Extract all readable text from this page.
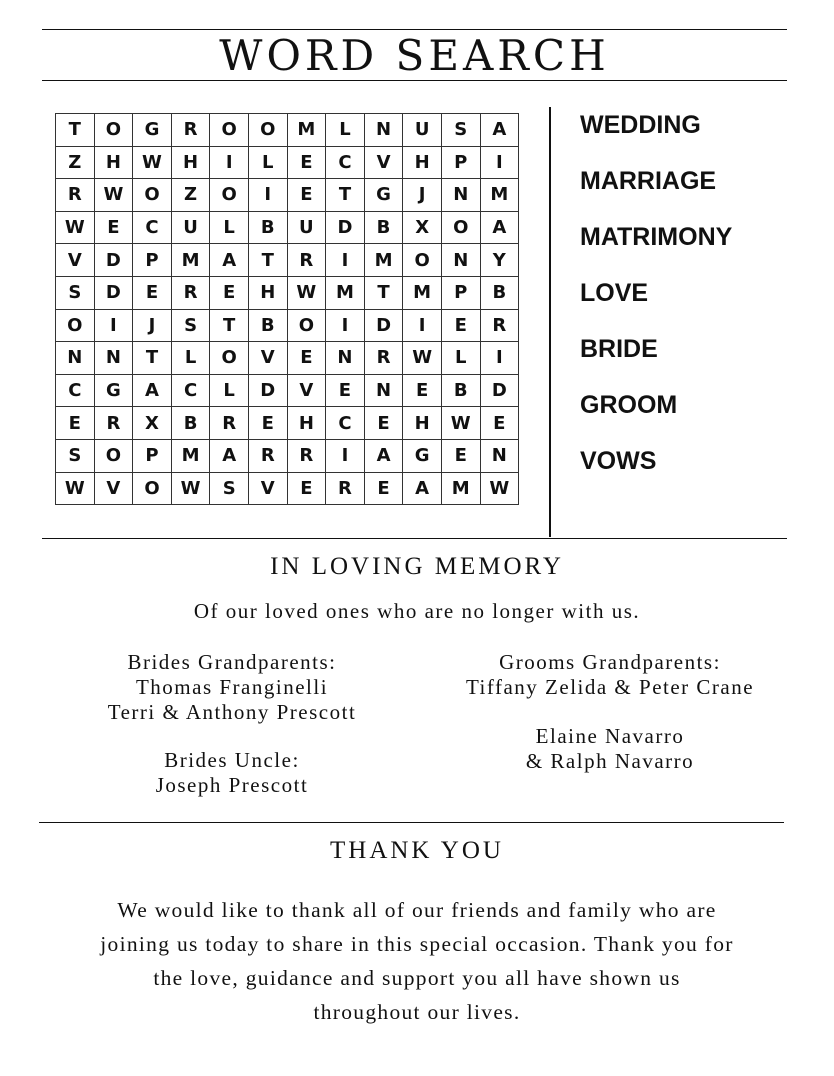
WORD SEARCH
T	O	G	R	O	O	M	L	N	U	S	A
Z	H	W	H	I	L	E	C	V	H	P	I
R	W	O	Z	O	I	E	T	G	J	N	M
W	E	C	U	L	B	U	D	B	X	O	A
V	D	P	M	A	T	R	I	M	O	N	Y
S	D	E	R	E	H	W	M	T	M	P	B
O	I	J	S	T	B	O	I	D	I	E	R
N	N	T	L	O	V	E	N	R	W	L	I
C	G	A	C	L	D	V	E	N	E	B	D
E	R	X	B	R	E	H	C	E	H	W	E
S	O	P	M	A	R	R	I	A	G	E	N
W	V	O	W	S	V	E	R	E	A	M	W
WEDDING
MARRIAGE
MATRIMONY
LOVE
BRIDE
GROOM
VOWS
IN LOVING MEMORY
Of our loved ones who are no longer with us.
Brides Grandparents:
Thomas Franginelli
Terri & Anthony Prescott
Brides Uncle:
Joseph Prescott
Grooms Grandparents:
Tiffany Zelida & Peter Crane
Elaine Navarro
& Ralph Navarro
THANK YOU
We would like to thank all of our friends and family who are
joining us today to share in this special occasion. Thank you for
the love, guidance and support you all have shown us
throughout our lives.
